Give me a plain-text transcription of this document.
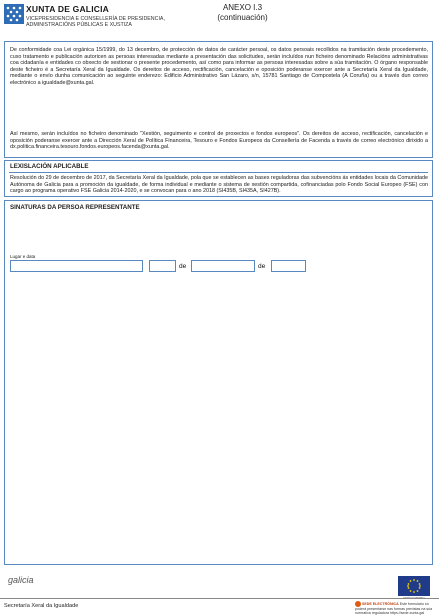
XUNTA DE GALICIA
VICEPRESIDENCIA E CONSELLERÍA DE PRESIDENCIA,
ADMINISTRACIÓNS PÚBLICAS E XUSTIZA
ANEXO I.3
(continuación)
De conformidade coa Lei orgánica 15/1999, do 13 decembro, de protección de datos de carácter persoal, os datos persoais recollidos na tramitación deste procedemento, cuxo tratamento e publicación autoricen as persoas interesadas mediante a presentación das solicitudes, serán incluídos nun ficheiro denominado Relacións administrativas coa cidadanía e entidades co obxecto de xestionar o presente procedemento, así como para informar as persoas interesadas sobre a súa tramitación. O órgano responsable deste ficheiro é a Secretaría Xeral da Igualdade. Os dereitos de acceso, rectificación, cancelación e oposición poderanse exercer ante a Secretaría Xeral da Igualdade, mediante o envío dunha comunicación ao seguinte enderezo: Edificio Administrativo San Lázaro, s/n, 15781 Santiago de Compostela (A Coruña) ou a través dun correo electrónico a igualdade@xunta.gal.
Así mesmo, serán incluídos no ficheiro denominado "Xestión, seguimento e control de proxectos e fondos europeos". Os dereitos de acceso, rectificación, cancelación e oposición poderanse exercer ante a Dirección Xeral de Política Financeira, Tesouro e Fondos Europeos da Consellería de Facenda a través de correo electrónico dirixido a dx.politica.financeira.tesouro.fondos.europeos.facenda@xunta.gal.
LEXISLACIÓN APLICABLE
Resolución do 29 de decembro de 2017, da Secretaría Xeral da Igualdade, pola que se establecen as bases reguladoras das subvencións ás entidades locais da Comunidade Autónoma de Galicia para a promoción da igualdade, de forma individual e mediante o sistema de xestión compartida, cofinanciadas polo Fondo Social Europeo (FSE) con cargo ao programa operativo FSE Galicia 2014-2020, e se convocan para o ano 2018 (SI435B, SI435A, SI427B).
SINATURAS DA PERSOA REPRESENTANTE
Lugar e data
de	de
galicia
UNIÓN EUROPEA
Secretaría Xeral da Igualdade	SEDE ELECTRÓNICA Este formulario só poderá presentarse nas formas previstas na súa normativa reguladora https://sede.xunta.gal
